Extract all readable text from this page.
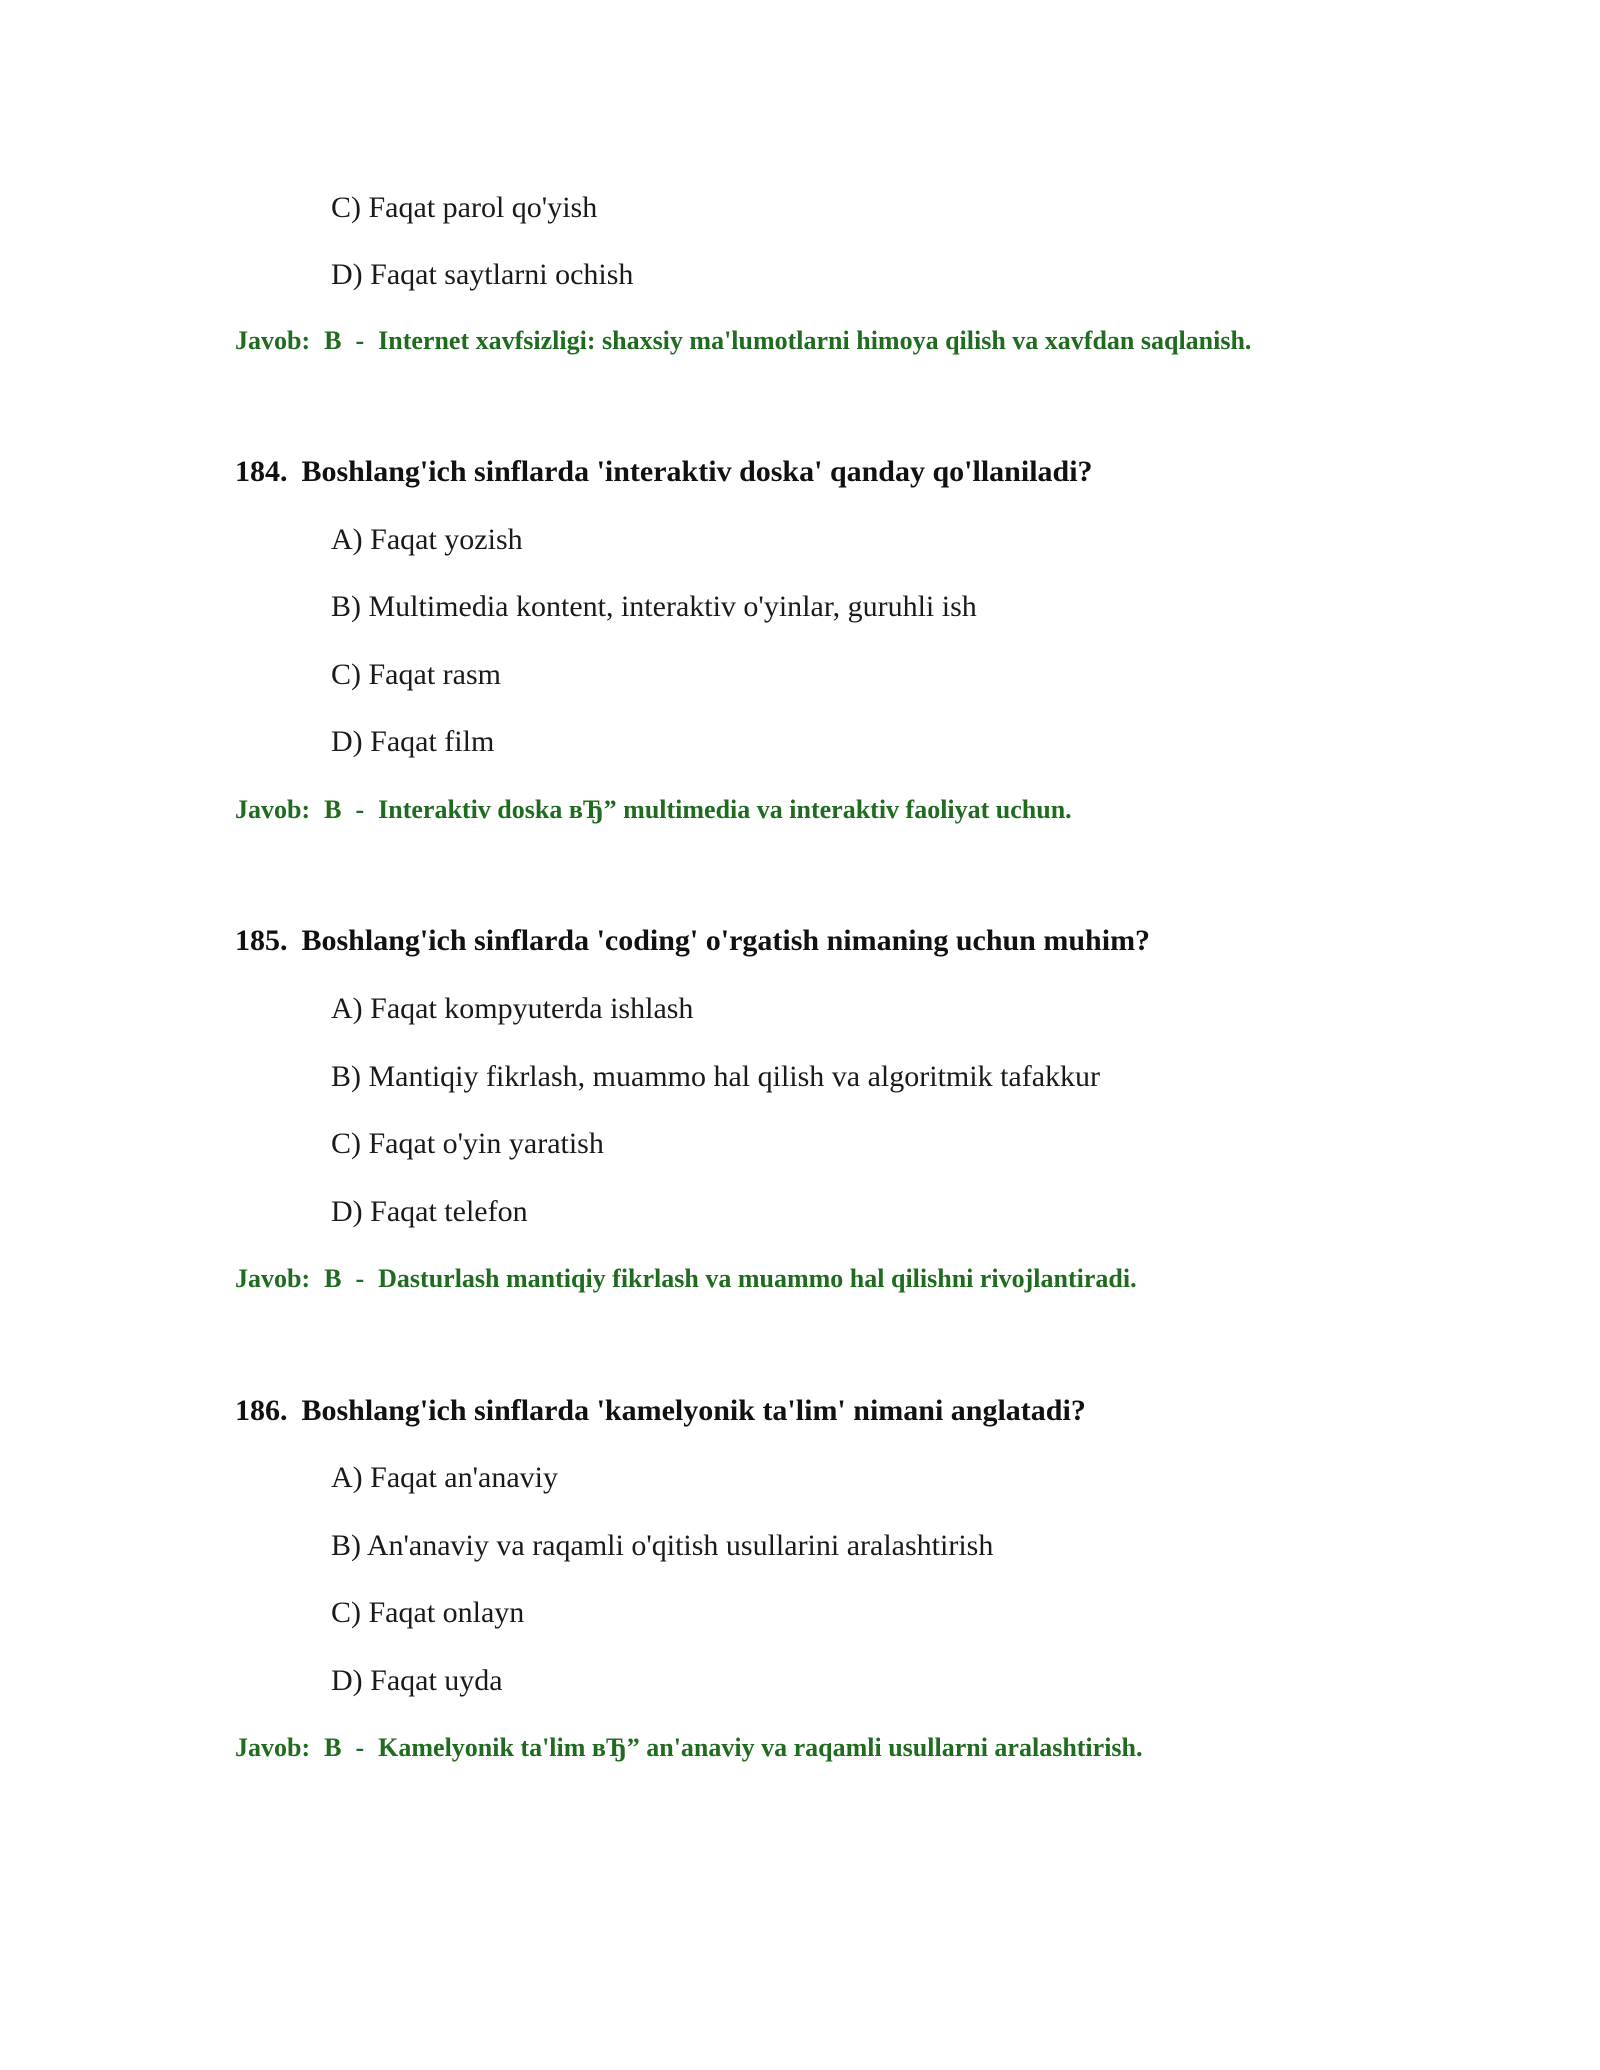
C) Faqat parol qo'yish
D) Faqat saytlarni ochish
Javob: B - Internet xavfsizligi: shaxsiy ma'lumotlarni himoya qilish va xavfdan saqlanish.
184. Boshlang'ich sinflarda 'interaktiv doska' qanday qo'llaniladi?
A) Faqat yozish
B) Multimedia kontent, interaktiv o'yinlar, guruhli ish
C) Faqat rasm
D) Faqat film
Javob: B - Interaktiv doska вЂ” multimedia va interaktiv faoliyat uchun.
185. Boshlang'ich sinflarda 'coding' o'rgatish nimaning uchun muhim?
A) Faqat kompyuterda ishlash
B) Mantiqiy fikrlash, muammo hal qilish va algoritmik tafakkur
C) Faqat o'yin yaratish
D) Faqat telefon
Javob: B - Dasturlash mantiqiy fikrlash va muammo hal qilishni rivojlantiradi.
186. Boshlang'ich sinflarda 'kamelyonik ta'lim' nimani anglatadi?
A) Faqat an'anaviy
B) An'anaviy va raqamli o'qitish usullarini aralashtirish
C) Faqat onlayn
D) Faqat uyda
Javob: B - Kamelyonik ta'lim вЂ” an'anaviy va raqamli usullarni aralashtirish.
